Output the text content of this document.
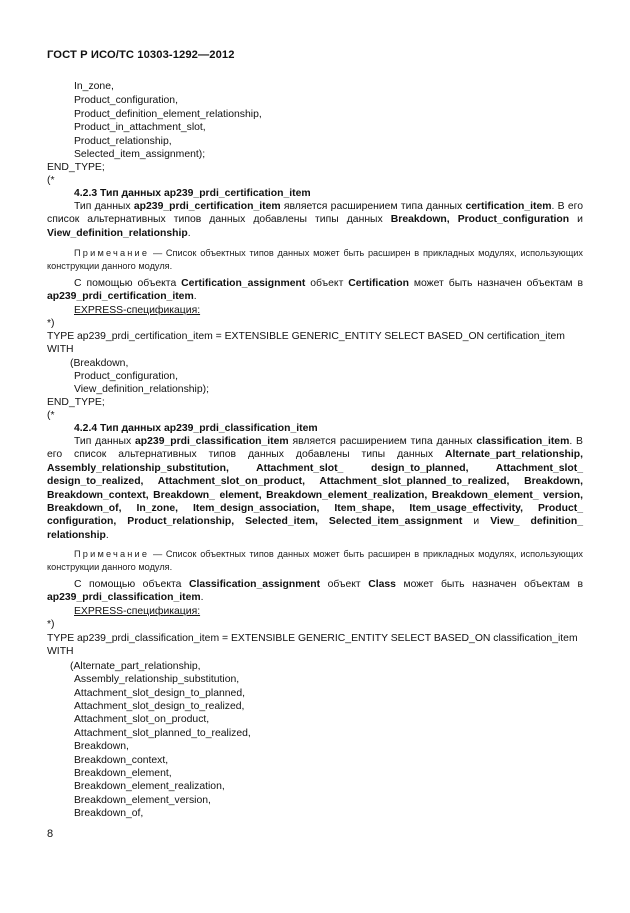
ГОСТ Р ИСО/ТС 10303-1292—2012
In_zone,
Product_configuration,
Product_definition_element_relationship,
Product_in_attachment_slot,
Product_relationship,
Selected_item_assignment);
END_TYPE;
(*
4.2.3 Тип данных ap239_prdi_certification_item
Тип данных ap239_prdi_certification_item является расширением типа данных certification_item. В его список альтернативных типов данных добавлены типы данных Breakdown, Product_configuration и View_definition_relationship.
Примечание — Список объектных типов данных может быть расширен в прикладных модулях, использующих конструкции данного модуля.
С помощью объекта Certification_assignment объект Certification может быть назначен объектам в ap239_prdi_certification_item.
EXPRESS-спецификация:
*)
TYPE ap239_prdi_certification_item = EXTENSIBLE GENERIC_ENTITY SELECT BASED_ON certification_item
WITH
(Breakdown,
Product_configuration,
View_definition_relationship);
END_TYPE;
(*
4.2.4 Тип данных ap239_prdi_classification_item
Тип данных ap239_prdi_classification_item является расширением типа данных classification_item. В его список альтернативных типов данных добавлены типы данных Alternate_part_relationship, Assembly_relationship_substitution, Attachment_slot_ design_to_planned, Attachment_slot_ design_to_realized, Attachment_slot_on_product, Attachment_slot_planned_to_realized, Breakdown, Breakdown_context, Breakdown_ element, Breakdown_element_realization, Breakdown_element_ version, Breakdown_of, In_zone, Item_design_association, Item_shape, Item_usage_effectivity, Product_ configuration, Product_relationship, Selected_item, Selected_item_assignment и View_ definition_ relationship.
Примечание — Список объектных типов данных может быть расширен в прикладных модулях, использующих конструкции данного модуля.
С помощью объекта Classification_assignment объект Class может быть назначен объектам в ap239_prdi_classification_item.
EXPRESS-спецификация:
*)
TYPE ap239_prdi_classification_item = EXTENSIBLE GENERIC_ENTITY SELECT BASED_ON classification_item
WITH
(Alternate_part_relationship,
Assembly_relationship_substitution,
Attachment_slot_design_to_planned,
Attachment_slot_design_to_realized,
Attachment_slot_on_product,
Attachment_slot_planned_to_realized,
Breakdown,
Breakdown_context,
Breakdown_element,
Breakdown_element_realization,
Breakdown_element_version,
Breakdown_of,
8
